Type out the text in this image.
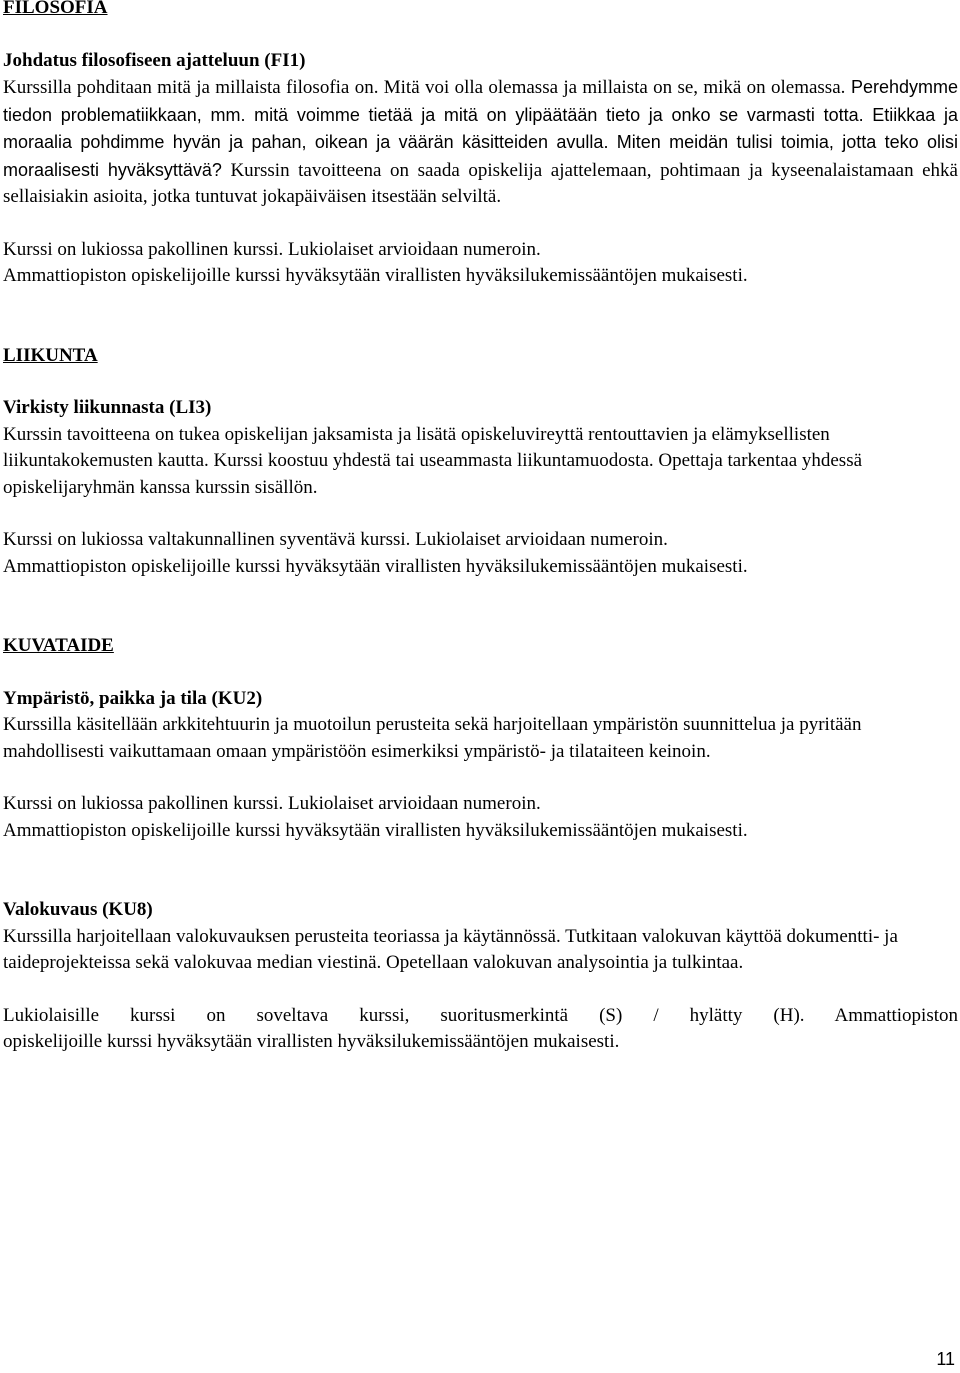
FILOSOFIA

Johdatus filosofiseen ajatteluun (FI1)

Kurssilla pohditaan mitä ja millaista filosofia on. Mitä voi olla olemassa ja millaista on se, mikä on olemassa. Perehdymme tiedon problematiikkaan, mm. mitä voimme tietää ja mitä on ylipäätään tieto ja onko se varmasti totta. Etiikkaa ja moraalia pohdimme hyvän ja pahan, oikean ja väärän käsitteiden avulla. Miten meidän tulisi toimia, jotta teko olisi moraalisesti hyväksyttävä? Kurssin tavoitteena on saada opiskelija ajattelemaan, pohtimaan ja kyseenalaistamaan ehkä sellaisiakin asioita, jotka tuntuvat jokapäiväisen itsestään selviltä.

Kurssi on lukiossa pakollinen kurssi. Lukiolaiset arvioidaan numeroin.

Ammattiopiston opiskelijoille kurssi hyväksytään virallisten hyväksilukemissääntöjen mukaisesti.

LIIKUNTA

Virkisty liikunnasta (LI3)

Kurssin tavoitteena on tukea opiskelijan jaksamista ja lisätä opiskeluvireyttä rentouttavien ja elämyksellisten liikuntakokemusten kautta. Kurssi koostuu yhdestä tai useammasta liikuntamuodosta. Opettaja tarkentaa yhdessä opiskelijaryhmän kanssa kurssin sisällön.

Kurssi on lukiossa valtakunnallinen syventävä kurssi. Lukiolaiset arvioidaan numeroin.

Ammattiopiston opiskelijoille kurssi hyväksytään virallisten hyväksilukemissääntöjen mukaisesti.

KUVATAIDE

Ympäristö, paikka ja tila (KU2)

Kurssilla käsitellään arkkitehtuurin ja muotoilun perusteita sekä harjoitellaan ympäristön suunnittelua ja pyritään mahdollisesti vaikuttamaan omaan ympäristöön esimerkiksi ympäristö- ja tilataiteen keinoin.

Kurssi on lukiossa pakollinen kurssi. Lukiolaiset arvioidaan numeroin.

Ammattiopiston opiskelijoille kurssi hyväksytään virallisten hyväksilukemissääntöjen mukaisesti.

Valokuvaus (KU8)

Kurssilla harjoitellaan valokuvauksen perusteita teoriassa ja käytännössä. Tutkitaan valokuvan käyttöä dokumentti- ja taideprojekteissa sekä valokuvaa median viestinä. Opetellaan valokuvan analysointia ja tulkintaa.

Lukiolaisille kurssi on soveltava kurssi, suoritusmerkintä (S) / hylätty (H). Ammattiopiston

opiskelijoille kurssi hyväksytään virallisten hyväksilukemissääntöjen mukaisesti.

11
